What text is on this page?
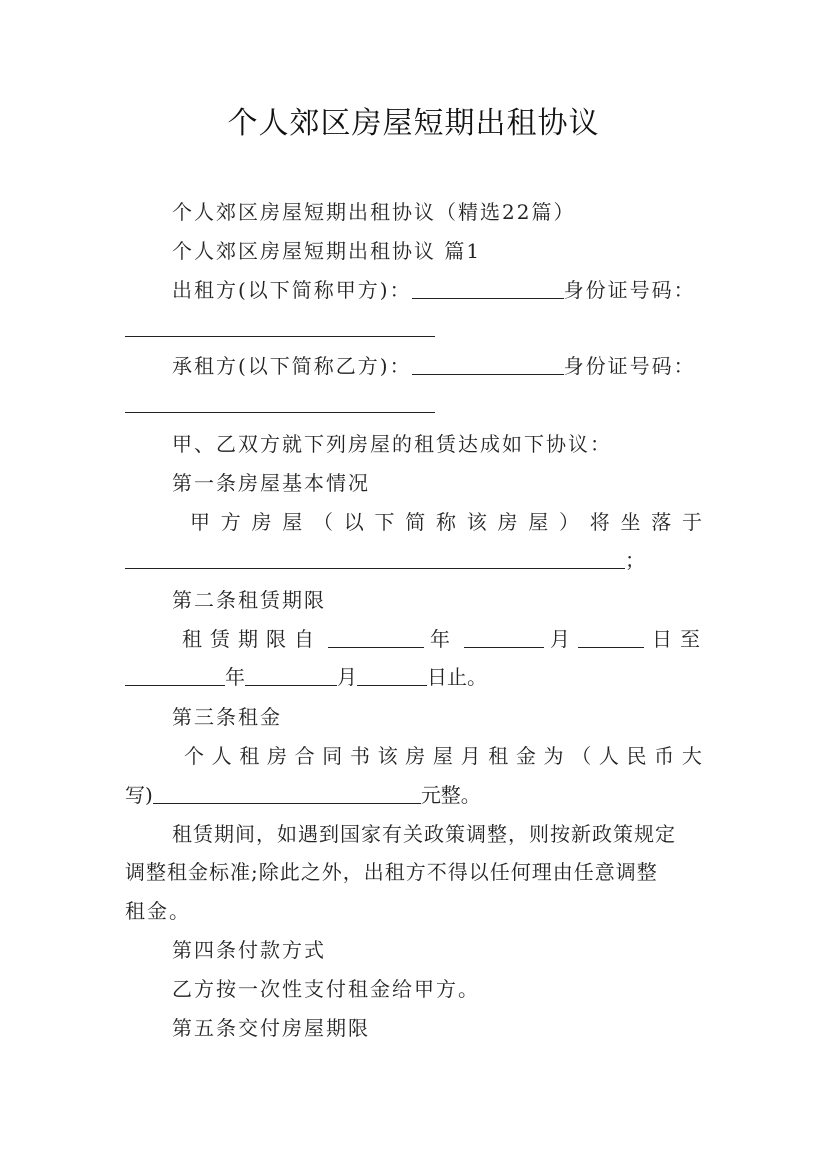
个人郊区房屋短期出租协议
个人郊区房屋短期出租协议（精选22篇）
个人郊区房屋短期出租协议 篇1
出租方(以下简称甲方)：	身份证号码：
承租方(以下简称乙方)：	身份证号码：
甲、乙双方就下列房屋的租赁达成如下协议：
第一条房屋基本情况
甲 方 房 屋 （ 以 下 简 称 该 房 屋 ） 将 坐 落 于
；
第二条租赁期限
租赁期限自	年	月	日至
年	月	日止。
第三条租金
个 人 租 房 合 同 书 该 房 屋 月 租 金 为 （ 人 民 币 大
写)	元整。
租赁期间，如遇到国家有关政策调整，则按新政策规定
调整租金标准;除此之外，出租方不得以任何理由任意调整
租金。
第四条付款方式
乙方按一次性支付租金给甲方。
第五条交付房屋期限
